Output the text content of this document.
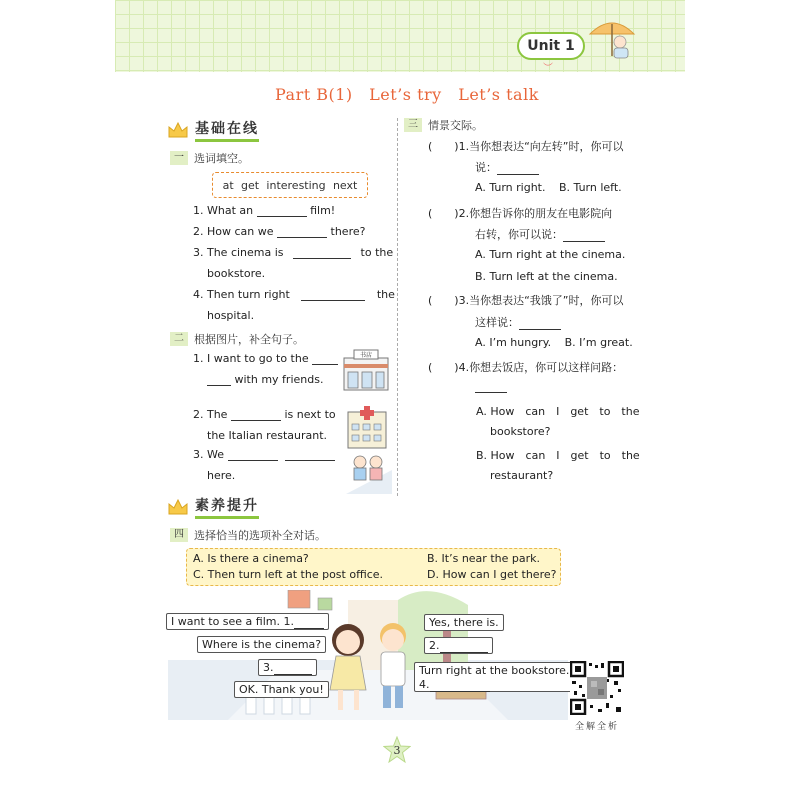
Unit 1
︶
Part B(1)　Let’s try　Let’s talk
基础在线
一 选词填空。
at get interesting next
1. What an	film!
2. How can we	there?
3. The cinema is	to the
bookstore.
4. Then turn right	the
hospital.
二 根据图片，补全句子。
1. I want to go to the
with my friends.
2. The	is next to
the Italian restaurant.
3. We
here.
书店
三 情景交际。
(　　)1.当你想表达“向左转”时，你可以
说：
A. Turn right. B. Turn left.
(　　)2.你想告诉你的朋友在电影院向
右转，你可以说：
A. Turn right at the cinema.
B. Turn left at the cinema.
(　　)3.当你想表达“我饿了”时，你可以
这样说：
A. I’m hungry. B. I’m great.
(　　)4.你想去饭店，你可以这样问路：
A. How　can　I　get　to　the
bookstore?
B. How　can　I　get　to　the
restaurant?
素养提升
四 选择恰当的选项补全对话。
A. Is there a cinema?	B. It’s near the park.
C. Then turn left at the post office.	D. How can I get there?
I want to see a film. 1.
Where is the cinema?
3.
OK. Thank you!
Yes, there is.
2.
Turn right at the bookstore.
4.
全解全析
3
